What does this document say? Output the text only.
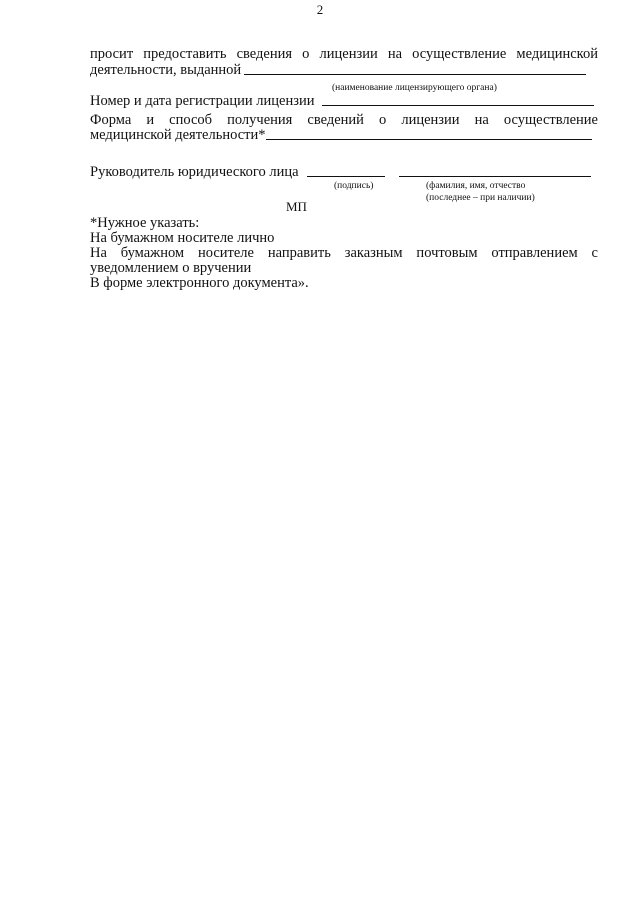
2
просит предоставить сведения о лицензии на осуществление медицинской
деятельности, выданной
(наименование лицензирующего органа)
Номер и дата регистрации лицензии
Форма и способ получения сведений о лицензии на осуществление
медицинской деятельности*
Руководитель юридического лица
(подпись)	(фамилия, имя, отчество
(последнее – при наличии)
МП
*Нужное указать:
На бумажном носителе лично
На бумажном носителе направить заказным почтовым отправлением с
уведомлением о вручении
В форме электронного документа».
